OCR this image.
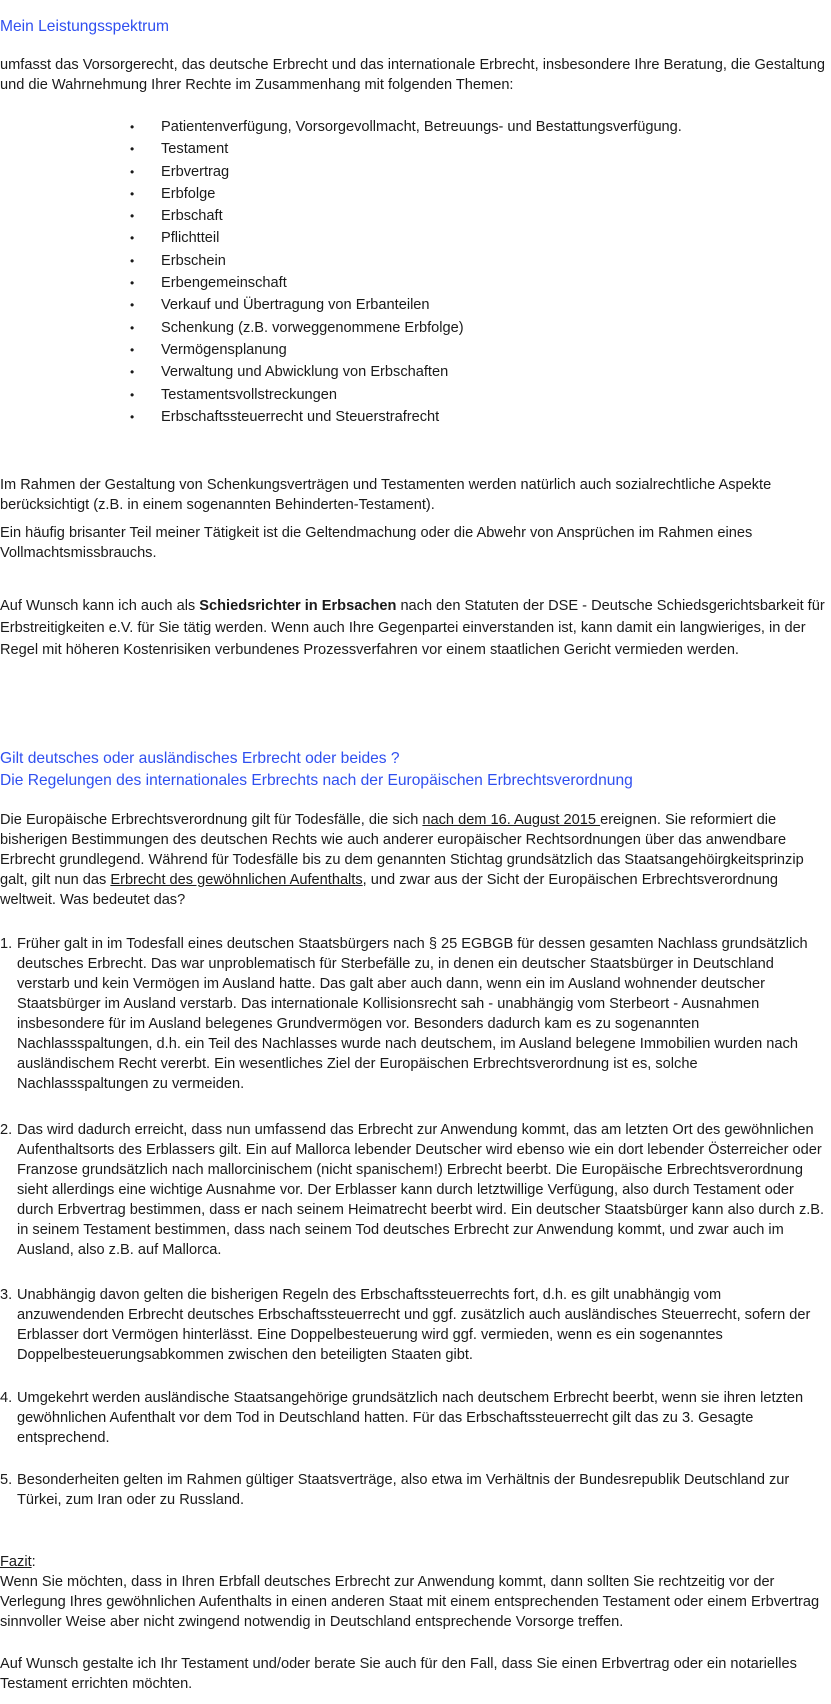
Mein Leistungsspektrum

umfasst das Vorsorgerecht, das deutsche Erbrecht und das internationale Erbrecht, insbesondere Ihre Beratung, die Gestaltung und die Wahrnehmung Ihrer Rechte im Zusammenhang mit folgenden Themen:

• Patientenverfügung, Vorsorgevollmacht, Betreuungs- und Bestattungsverfügung.
• Testament
• Erbvertrag
• Erbfolge
• Erbschaft
• Pflichtteil
• Erbschein
• Erbengemeinschaft
• Verkauf und Übertragung von Erbanteilen
• Schenkung (z.B. vorweggenommene Erbfolge)
• Vermögensplanung
• Verwaltung und Abwicklung von Erbschaften
• Testamentsvollstreckungen
• Erbschaftssteuerrecht und Steuerstrafrecht

Im Rahmen der Gestaltung von Schenkungsverträgen und Testamenten werden natürlich auch sozialrechtliche Aspekte berücksichtigt (z.B. in einem sogenannten Behinderten-Testament).

Ein häufig brisanter Teil meiner Tätigkeit ist die Geltendmachung oder die Abwehr von Ansprüchen im Rahmen eines Vollmachtsmissbrauchs.

Auf Wunsch kann ich auch als Schiedsrichter in Erbsachen nach den Statuten der DSE - Deutsche Schiedsgerichtsbarkeit für Erbstreitigkeiten e.V. für Sie tätig werden. Wenn auch Ihre Gegenpartei einverstanden ist, kann damit ein langwieriges, in der Regel mit höheren Kostenrisiken verbundenes Prozessverfahren vor einem staatlichen Gericht vermieden werden.

Gilt deutsches oder ausländisches Erbrecht oder beides ?
Die Regelungen des internationales Erbrechts nach der Europäischen Erbrechtsverordnung

Die Europäische Erbrechtsverordnung gilt für Todesfälle, die sich nach dem 16. August 2015 ereignen. Sie reformiert die bisherigen Bestimmungen des deutschen Rechts wie auch anderer europäischer Rechtsordnungen über das anwendbare Erbrecht grundlegend. Während für Todesfälle bis zu dem genannten Stichtag grundsätzlich das Staatsangehöirgkeitsprinzip galt, gilt nun das Erbrecht des gewöhnlichen Aufenthalts, und zwar aus der Sicht der Europäischen Erbrechtsverordnung weltweit. Was bedeutet das?

1. Früher galt in im Todesfall eines deutschen Staatsbürgers nach § 25 EGBGB für dessen gesamten Nachlass grundsätzlich deutsches Erbrecht. Das war unproblematisch für Sterbefälle zu, in denen ein deutscher Staatsbürger in Deutschland verstarb und kein Vermögen im Ausland hatte. Das galt aber auch dann, wenn ein im Ausland wohnender deutscher Staatsbürger im Ausland verstarb. Das internationale Kollisionsrecht sah - unabhängig vom Sterbeort - Ausnahmen insbesondere für im Ausland belegenes Grundvermögen vor. Besonders dadurch kam es zu sogenannten Nachlassspaltungen, d.h. ein Teil des Nachlasses wurde nach deutschem, im Ausland belegene Immobilien wurden nach ausländischem Recht vererbt. Ein wesentliches Ziel der Europäischen Erbrechtsverordnung ist es, solche Nachlassspaltungen zu vermeiden.

2. Das wird dadurch erreicht, dass nun umfassend das Erbrecht zur Anwendung kommt, das am letzten Ort des gewöhnlichen Aufenthaltsorts des Erblassers gilt. Ein auf Mallorca lebender Deutscher wird ebenso wie ein dort lebender Österreicher oder Franzose grundsätzlich nach mallorcinischem (nicht spanischem!) Erbrecht beerbt. Die Europäische Erbrechtsverordnung sieht allerdings eine wichtige Ausnahme vor. Der Erblasser kann durch letztwillige Verfügung, also durch Testament oder durch Erbvertrag bestimmen, dass er nach seinem Heimatrecht beerbt wird. Ein deutscher Staatsbürger kann also durch z.B. in seinem Testament bestimmen, dass nach seinem Tod deutsches Erbrecht zur Anwendung kommt, und zwar auch im Ausland, also z.B. auf Mallorca.

3. Unabhängig davon gelten die bisherigen Regeln des Erbschaftssteuerrechts fort, d.h. es gilt unabhängig vom anzuwendenden Erbrecht deutsches Erbschaftssteuerrecht und ggf. zusätzlich auch ausländisches Steuerrecht, sofern der Erblasser dort Vermögen hinterlässt. Eine Doppelbesteuerung wird ggf. vermieden, wenn es ein sogenanntes Doppelbesteuerungsabkommen zwischen den beteiligten Staaten gibt.

4. Umgekehrt werden ausländische Staatsangehörige grundsätzlich nach deutschem Erbrecht beerbt, wenn sie ihren letzten gewöhnlichen Aufenthalt vor dem Tod in Deutschland hatten. Für das Erbschaftssteuerrecht gilt das zu 3. Gesagte entsprechend.

5. Besonderheiten gelten im Rahmen gültiger Staatsverträge, also etwa im Verhältnis der Bundesrepublik Deutschland zur Türkei, zum Iran oder zu Russland.

Fazit:

Wenn Sie möchten, dass in Ihren Erbfall deutsches Erbrecht zur Anwendung kommt, dann sollten Sie rechtzeitig vor der Verlegung Ihres gewöhnlichen Aufenthalts in einen anderen Staat mit einem entsprechenden Testament oder einem Erbvertrag sinnvoller Weise aber nicht zwingend notwendig in Deutschland entsprechende Vorsorge treffen.

Auf Wunsch gestalte ich Ihr Testament und/oder berate Sie auch für den Fall, dass Sie einen Erbvertrag oder ein notarielles Testament errichten möchten.
